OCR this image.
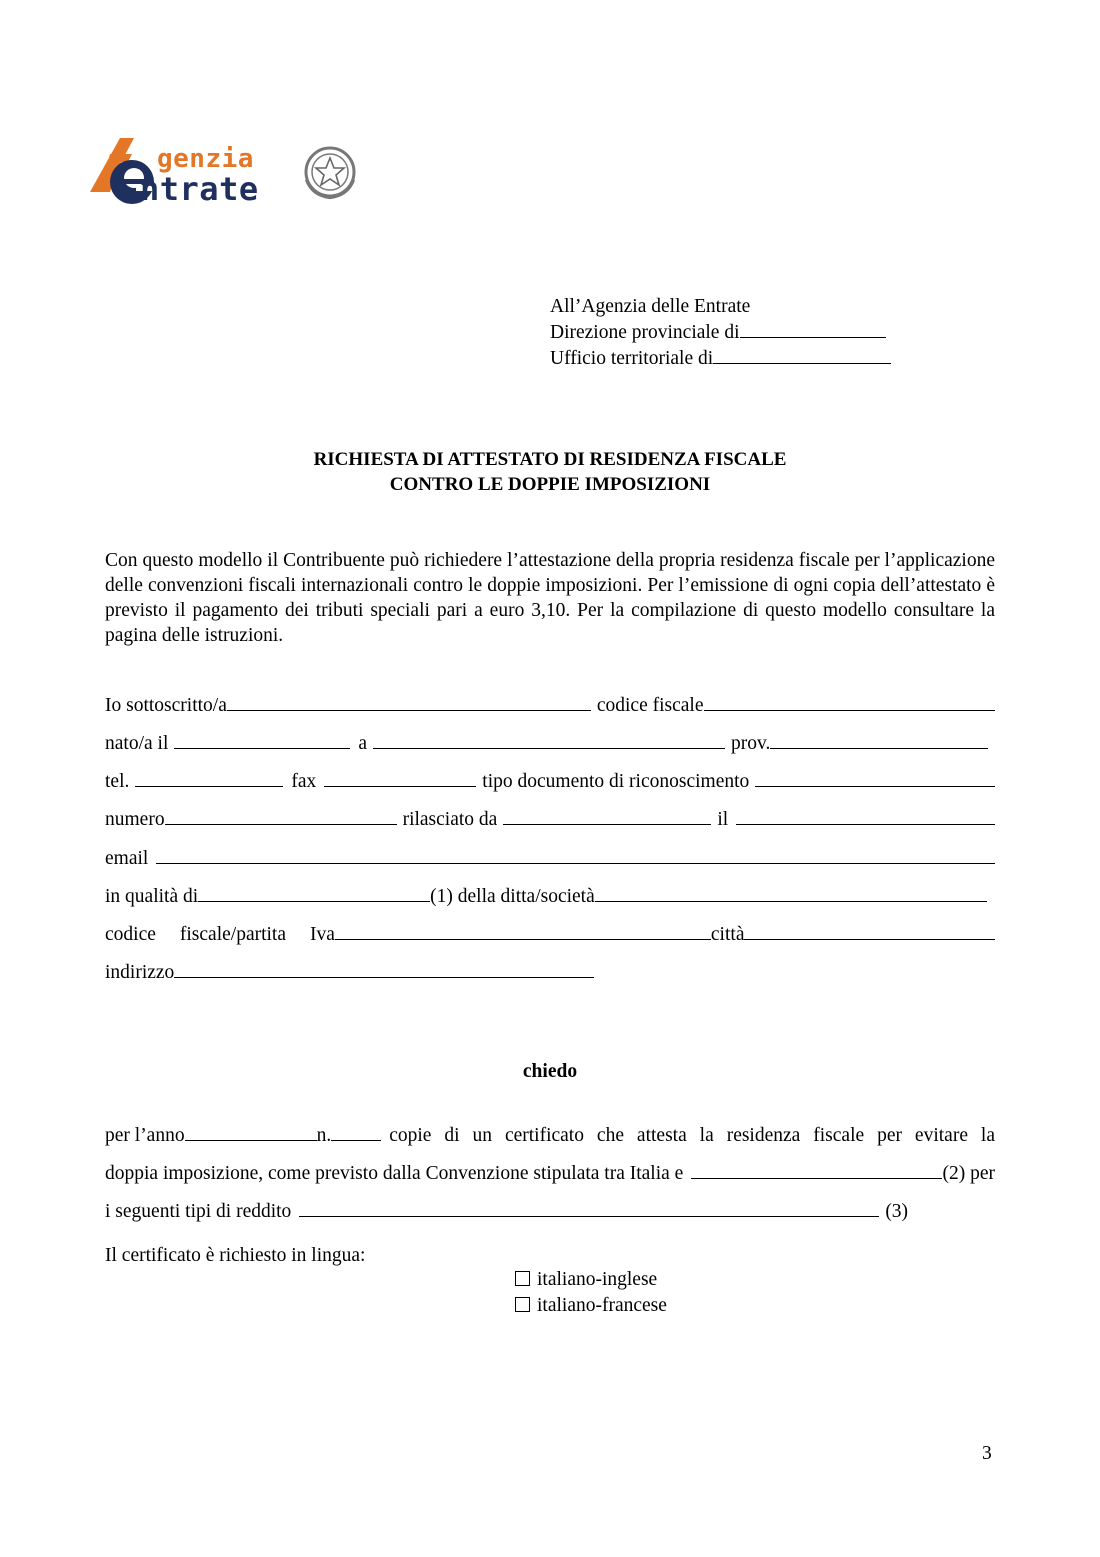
genzia
ntrate
All’Agenzia delle Entrate
Direzione provinciale di
Ufficio territoriale di
RICHIESTA DI ATTESTATO DI RESIDENZA FISCALE
CONTRO LE DOPPIE IMPOSIZIONI
Con questo modello il Contribuente può richiedere l’attestazione della propria residenza fiscale per l’applicazione delle convenzioni fiscali internazionali contro le doppie imposizioni. Per l’emissione di ogni copia dell’attestato è previsto il pagamento dei tributi speciali pari a euro 3,10. Per la compilazione di questo modello consultare la pagina delle istruzioni.
Io sottoscritto/a	codice fiscale
nato/a il	a	prov.
tel.	fax	tipo documento di riconoscimento
numero	rilasciato da	il
email
in qualità di	(1) della ditta/società
codice fiscale/partita Iva	città
indirizzo
chiedo
per l’anno	n.	copie di un certificato che attesta la residenza fiscale per evitare la
doppia imposizione, come previsto dalla Convenzione stipulata tra Italia e	(2) per
i seguenti tipi di reddito	(3)
Il certificato è richiesto in lingua:
italiano-inglese
italiano-francese
3
